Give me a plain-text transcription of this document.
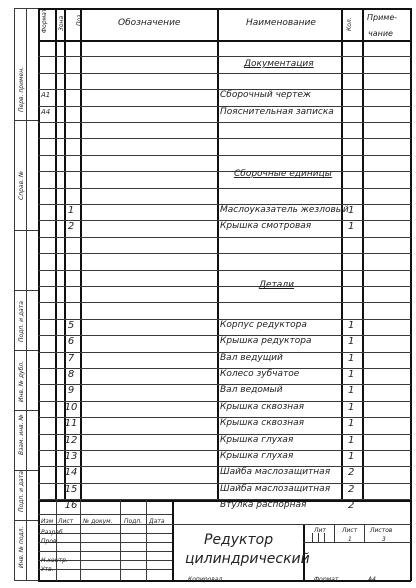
Формат Зона Поз.	Обозначение	Наименование	Кол. Приме-
чание
Перв. примен.
Справ. №
Подп. и дата
Инв. № дубл.
Взам. инв. №
Подп. и дата
Инв. № подл.
Документация
Сборочные единицы
Детали
А1	Сборочный чертеж
А4	Пояснительная записка
1	Маслоуказатель жезловый 1
2	Крышка смотровая	1
5	Корпус редуктора	1
6	Крышка редуктора	1
7	Вал ведущий	1
8	Колесо зубчатое	1
9	Вал ведомый	1
10	Крышка сквозная	1
11	Крышка сквозная	1
12	Крышка глухая	1
13	Крышка глухая	1
14	Шайба маслозащитная 2
15	Шайба маслозащитная 2
16	Втулка распорная	2
Изм Лист № докум. Подп. Дата
Разраб.
Пров.
Н.контр.
Утв.
Редуктор
цилиндрический
Лит	Лист Листов
1	3
Копировал	Формат	А4
